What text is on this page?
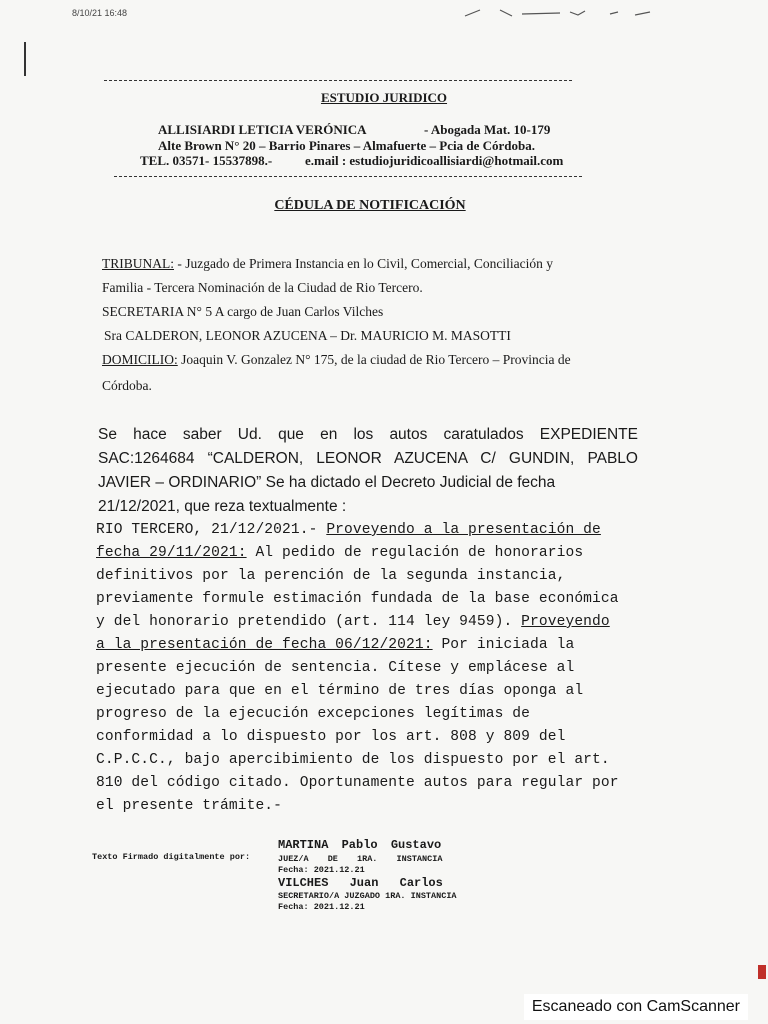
8/10/21 16:48
ESTUDIO JURIDICO
ALLISIARDI LETICIA VERÓNICA	- Abogada Mat. 10-179
Alte Brown N° 20 – Barrio Pinares – Almafuerte – Pcia de Córdoba.
TEL. 03571- 15537898.-	e.mail : estudiojuridicoallisiardi@hotmail.com
CÉDULA DE NOTIFICACIÓN
TRIBUNAL: - Juzgado de Primera Instancia en lo Civil, Comercial, Conciliación y
Familia - Tercera Nominación de la Ciudad de Rio Tercero.
SECRETARIA N° 5 A cargo de Juan Carlos Vilches
Sra CALDERON, LEONOR AZUCENA – Dr. MAURICIO M. MASOTTI
DOMICILIO: Joaquin V. Gonzalez N° 175, de la ciudad de Rio Tercero – Provincia de
Córdoba.
Se hace saber Ud. que en los autos caratulados EXPEDIENTE
SAC:1264684 “CALDERON, LEONOR AZUCENA C/ GUNDIN, PABLO
JAVIER – ORDINARIO” Se ha dictado el Decreto Judicial de fecha
21/12/2021, que reza textualmente :
RIO TERCERO, 21/12/2021.- Proveyendo a la presentación de
fecha 29/11/2021: Al pedido de regulación de honorarios
definitivos por la perención de la segunda instancia,
previamente formule estimación fundada de la base económica
y del honorario pretendido (art. 114 ley 9459). Proveyendo
a la presentación de fecha 06/12/2021: Por iniciada la
presente ejecución de sentencia. Cítese y emplácese al
ejecutado para que en el término de tres días oponga al
progreso de la ejecución excepciones legítimas de
conformidad a lo dispuesto por los art. 808 y 809 del
C.P.C.C., bajo apercibimiento de los dispuesto por el art.
810 del código citado. Oportunamente autos para regular por
el presente trámite.-
Texto Firmado digitalmente por:
MARTINA Pablo Gustavo
JUEZ/A DE 1RA. INSTANCIA
Fecha: 2021.12.21
VILCHES Juan Carlos
SECRETARIO/A JUZGADO 1RA. INSTANCIA
Fecha: 2021.12.21
Escaneado con CamScanner
